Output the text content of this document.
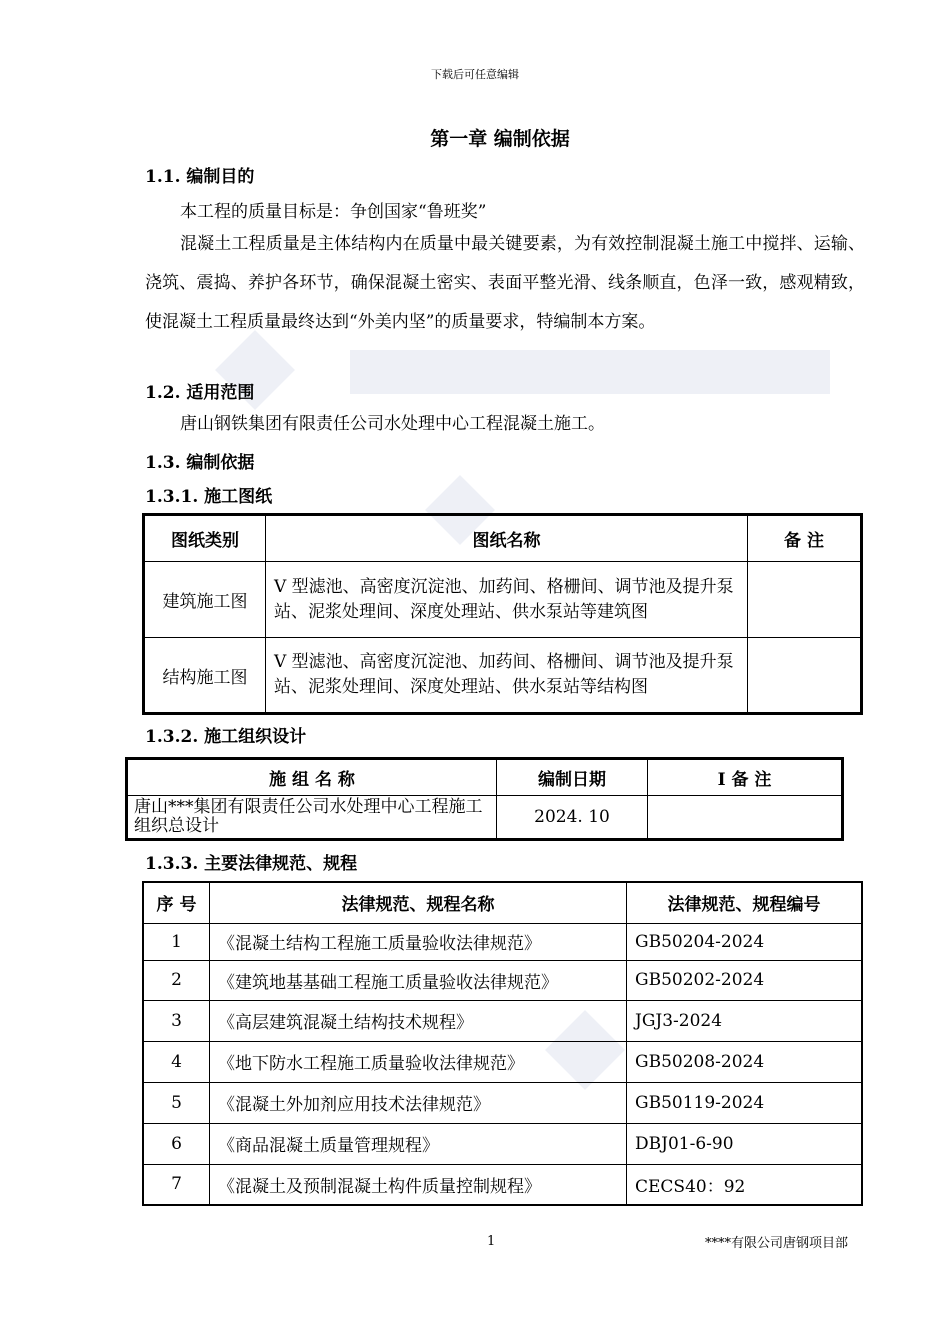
下载后可任意编辑
第一章 编制依据
1.1. 编制目的
本工程的质量目标是：争创国家“鲁班奖”
混凝土工程质量是主体结构内在质量中最关键要素，为有效控制混凝土施工中搅拌、运输、浇筑、震捣、养护各环节，确保混凝土密实、表面平整光滑、线条顺直，色泽一致，感观精致，使混凝土工程质量最终达到“外美内坚”的质量要求，特编制本方案。
1.2. 适用范围
唐山钢铁集团有限责任公司水处理中心工程混凝土施工。
1.3. 编制依据
1.3.1. 施工图纸
图纸类别	图纸名称	备 注
建筑施工图	V 型滤池、高密度沉淀池、加药间、格栅间、调节池及提升泵站、泥浆处理间、深度处理站、供水泵站等建筑图	
结构施工图	V 型滤池、高密度沉淀池、加药间、格栅间、调节池及提升泵站、泥浆处理间、深度处理站、供水泵站等结构图	
1.3.2. 施工组织设计
施 组 名 称	编制日期	I 备 注
唐山***集团有限责任公司水处理中心工程施工组织总设计	2024. 10	
1.3.3. 主要法律规范、规程
序 号	法律规范、规程名称	法律规范、规程编号
1	《混凝土结构工程施工质量验收法律规范》	GB50204-2024
2	《建筑地基基础工程施工质量验收法律规范》	GB50202-2024
3	《高层建筑混凝土结构技术规程》	JGJ3-2024
4	《地下防水工程施工质量验收法律规范》	GB50208-2024
5	《混凝土外加剂应用技术法律规范》	GB50119-2024
6	《商品混凝土质量管理规程》	DBJ01-6-90
7	《混凝土及预制混凝土构件质量控制规程》	CECS40：92
1	****有限公司唐钢项目部
